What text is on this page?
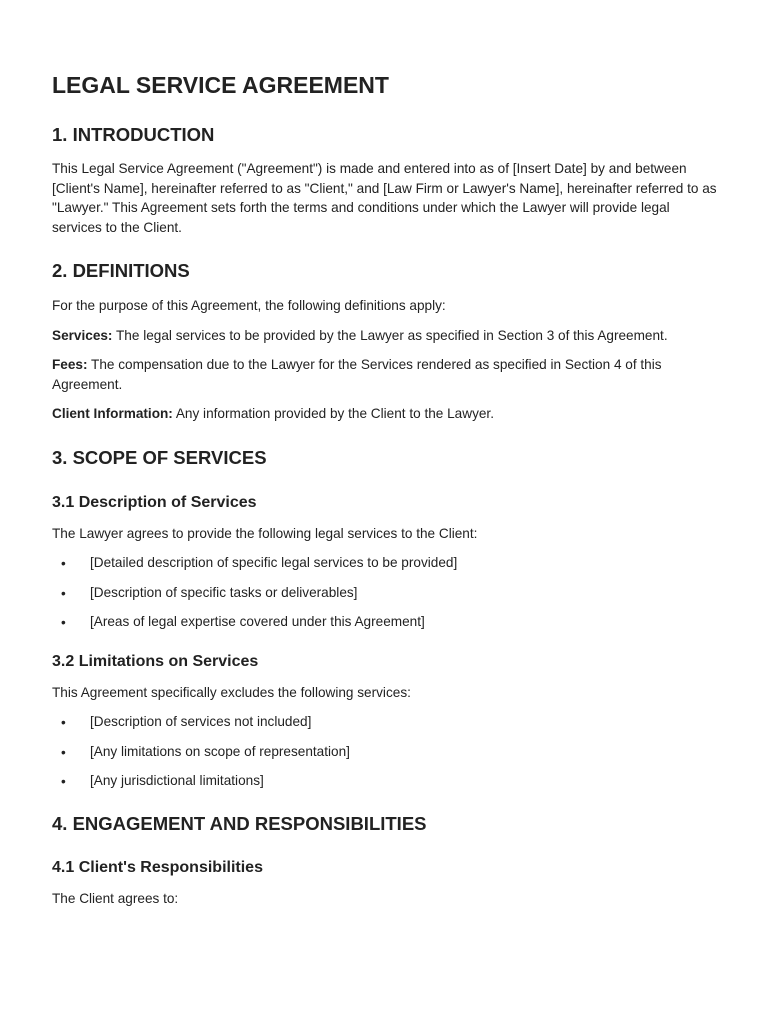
LEGAL SERVICE AGREEMENT
1. INTRODUCTION

This Legal Service Agreement ("Agreement") is made and entered into as of [Insert Date] by and between [Client's Name], hereinafter referred to as "Client," and [Law Firm or Lawyer's Name], hereinafter referred to as "Lawyer." This Agreement sets forth the terms and conditions under which the Lawyer will provide legal services to the Client.

2. DEFINITIONS

For the purpose of this Agreement, the following definitions apply:

Services: The legal services to be provided by the Lawyer as specified in Section 3 of this Agreement.

Fees: The compensation due to the Lawyer for the Services rendered as specified in Section 4 of this Agreement.

Client Information: Any information provided by the Client to the Lawyer.

3. SCOPE OF SERVICES
3.1 Description of Services

The Lawyer agrees to provide the following legal services to the Client:

• [Detailed description of specific legal services to be provided]
• [Description of specific tasks or deliverables]
• [Areas of legal expertise covered under this Agreement]
3.2 Limitations on Services

This Agreement specifically excludes the following services:

• [Description of services not included]
• [Any limitations on scope of representation]
• [Any jurisdictional limitations]
4. ENGAGEMENT AND RESPONSIBILITIES
4.1 Client's Responsibilities

The Client agrees to:
